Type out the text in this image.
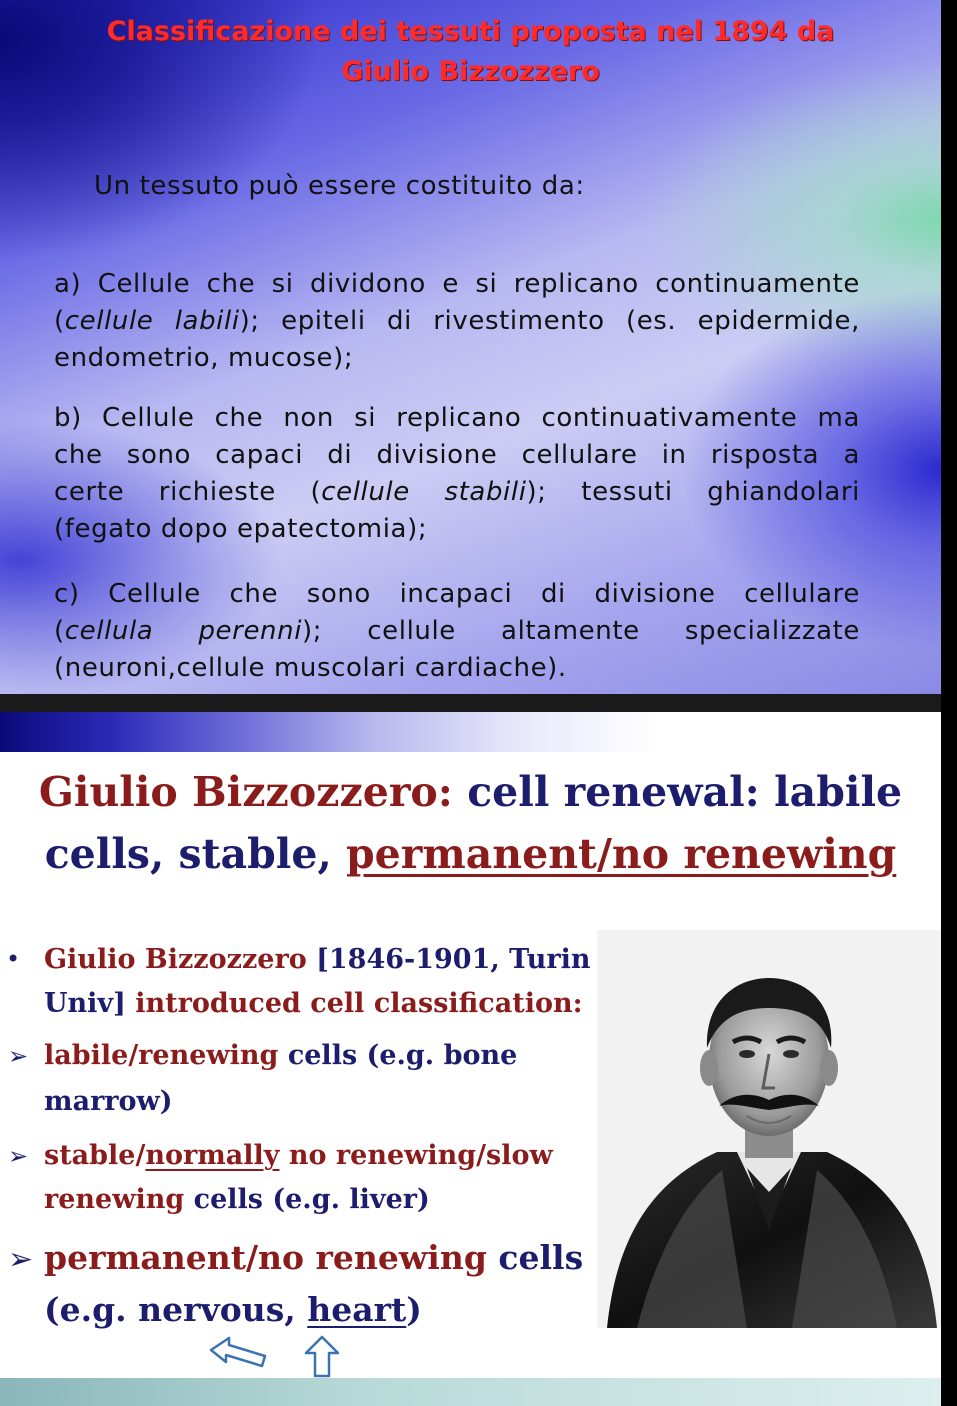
Classificazione dei tessuti proposta nel 1894 da
Giulio Bizzozzero
Un tessuto può essere costituito da:
a) Cellule che si dividono e si replicano continuamente
(cellule labili); epiteli di rivestimento (es. epidermide,
endometrio, mucose);
b) Cellule che non si replicano continuativamente ma
che sono capaci di divisione cellulare in risposta a
certe richieste (cellule stabili); tessuti ghiandolari
(fegato dopo epatectomia);
c) Cellule che sono incapaci di divisione cellulare
(cellula perenni); cellule altamente specializzate
(neuroni,cellule muscolari cardiache).
Giulio Bizzozzero: cell renewal: labile
cells, stable, permanent/no renewing
• Giulio Bizzozzero [1846-1901, Turin
Univ] introduced cell classification:
➢ labile/renewing cells (e.g. bone
marrow)
➢ stable/normally no renewing/slow
renewing cells (e.g. liver)
➢ permanent/no renewing cells
(e.g. nervous, heart)
